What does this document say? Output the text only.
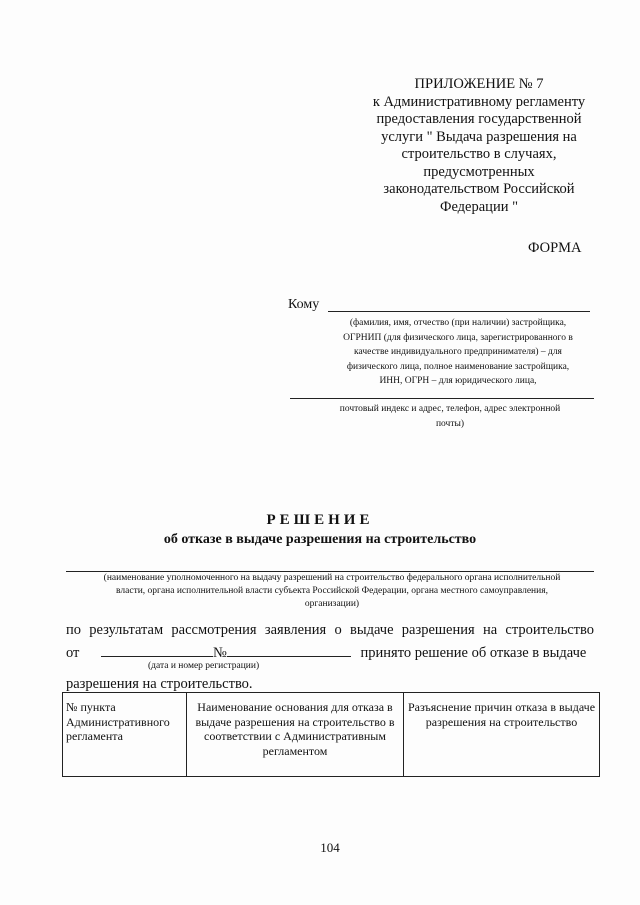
ПРИЛОЖЕНИЕ № 7
к Административному регламенту
предоставления государственной
услуги " Выдача разрешения на
строительство в случаях,
предусмотренных
законодательством Российской
Федерации "
ФОРМА
Кому
(фамилия, имя, отчество (при наличии) застройщика,
ОГРНИП (для физического лица, зарегистрированного в
качестве индивидуального предпринимателя) – для
физического лица, полное наименование застройщика,
ИНН, ОГРН – для юридического лица,
почтовый индекс и адрес, телефон, адрес электронной
почты)
РЕШЕНИЕ
об отказе в выдаче разрешения на строительство
(наименование уполномоченного на выдачу разрешений на строительство федерального органа исполнительной
власти, органа исполнительной власти субъекта Российской Федерации, органа местного самоуправления,
организации)
по результатам рассмотрения заявления о выдаче разрешения на строительство
от	№	принято решение об отказе в выдаче
(дата и номер регистрации)
разрешения на строительство.
№ пункта Административного регламента	Наименование основания для отказа в выдаче разрешения на строительство в соответствии с Административным регламентом	Разъяснение причин отказа в выдаче разрешения на строительство
104
